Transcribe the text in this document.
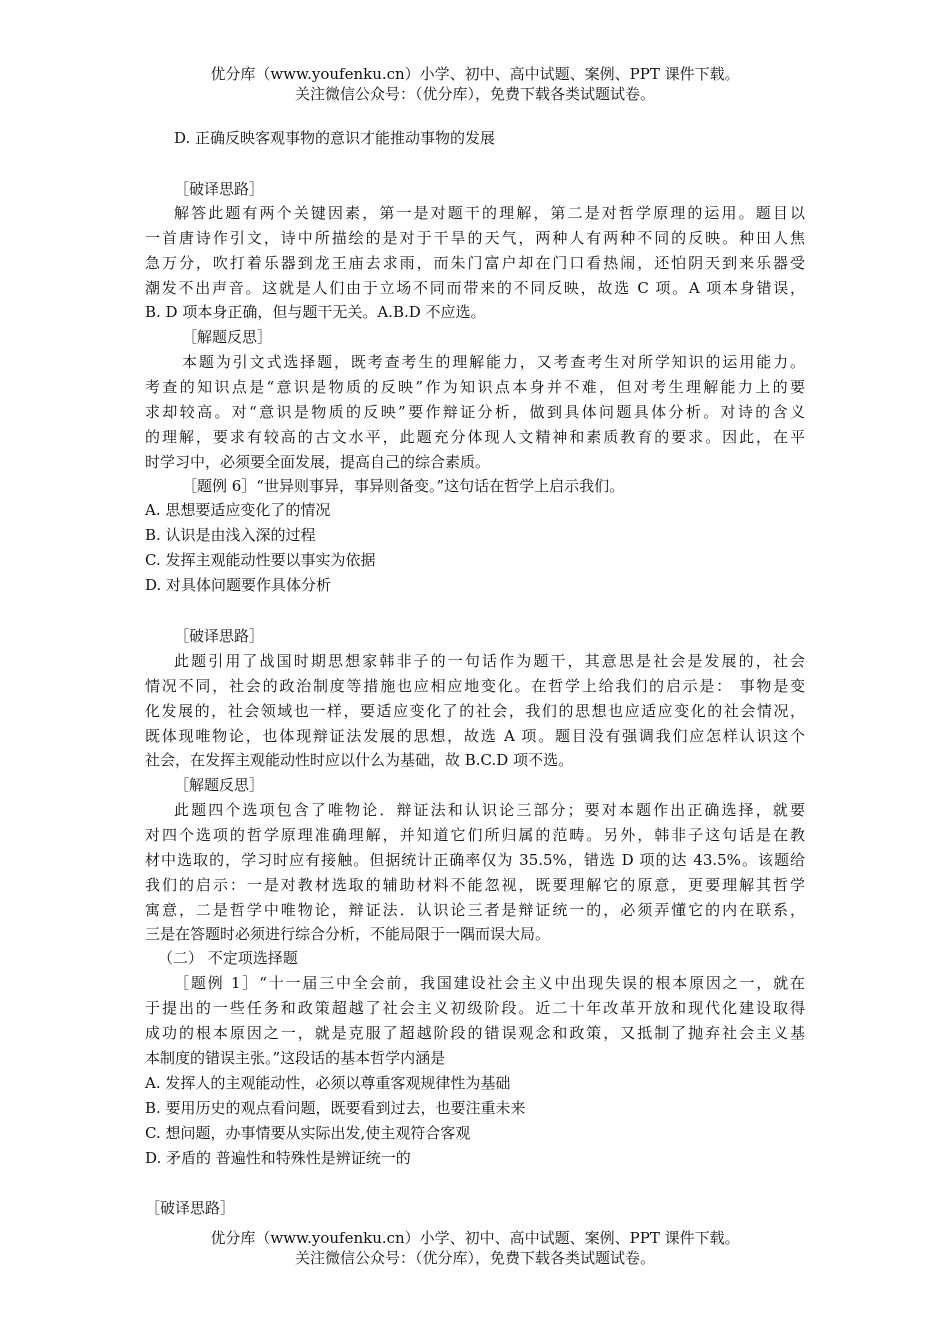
优分库（www.youfenku.cn）小学、初中、高中试题、案例、PPT 课件下载。
关注微信公众号：（优分库），免费下载各类试题试卷。
D. 正确反映客观事物的意识才能推动事物的发展
［破译思路］
解答此题有两个关键因素，第一是对题干的理解，第二是对哲学原理的运用。题目以
一首唐诗作引文，诗中所描绘的是对于干旱的天气，两种人有两种不同的反映。种田人焦
急万分，吹打着乐器到龙王庙去求雨，而朱门富户却在门口看热闹，还怕阴天到来乐器受
潮发不出声音。这就是人们由于立场不同而带来的不同反映，故选 C 项。A 项本身错误，
B. D 项本身正确，但与题干无关。A.B.D 不应选。
［解题反思］
本题为引文式选择题，既考查考生的理解能力，又考查考生对所学知识的运用能力。
考查的知识点是“意识是物质的反映”作为知识点本身并不难，但对考生理解能力上的要
求却较高。对“意识是物质的反映”要作辩证分析，做到具体问题具体分析。对诗的含义
的理解，要求有较高的古文水平，此题充分体现人文精神和素质教育的要求。因此，在平
时学习中，必须要全面发展，提高自己的综合素质。
［题例 6］“世异则事异，事异则备变。”这句话在哲学上启示我们。
A. 思想要适应变化了的情况
B. 认识是由浅入深的过程
C. 发挥主观能动性要以事实为依据
D. 对具体问题要作具体分析
［破译思路］
此题引用了战国时期思想家韩非子的一句话作为题干，其意思是社会是发展的，社会
情况不同，社会的政治制度等措施也应相应地变化。在哲学上给我们的启示是： 事物是变
化发展的，社会领域也一样，要适应变化了的社会，我们的思想也应适应变化的社会情况，
既体现唯物论，也体现辩证法发展的思想，故选 A 项。题目没有强调我们应怎样认识这个
社会，在发挥主观能动性时应以什么为基础，故 B.C.D 项不选。
［解题反思］
此题四个选项包含了唯物论．辩证法和认识论三部分；要对本题作出正确选择，就要
对四个选项的哲学原理准确理解，并知道它们所归属的范畴。另外，韩非子这句话是在教
材中选取的，学习时应有接触。但据统计正确率仅为 35.5%，错选 D 项的达 43.5%。该题给
我们的启示：一是对教材选取的辅助材料不能忽视，既要理解它的原意，更要理解其哲学
寓意，二是哲学中唯物论，辩证法．认识论三者是辩证统一的，必须弄懂它的内在联系，
三是在答题时必须进行综合分析，不能局限于一隅而误大局。
（二） 不定项选择题
［题例 1］“十一届三中全会前，我国建设社会主义中出现失误的根本原因之一，就在
于提出的一些任务和政策超越了社会主义初级阶段。近二十年改革开放和现代化建设取得
成功的根本原因之一，就是克服了超越阶段的错误观念和政策，又抵制了抛弃社会主义基
本制度的错误主张。”这段话的基本哲学内涵是
A. 发挥人的主观能动性，必须以尊重客观规律性为基础
B. 要用历史的观点看问题，既要看到过去，也要注重未来
C. 想问题，办事情要从实际出发,使主观符合客观
D. 矛盾的 普遍性和特殊性是辨证统一的
［破译思路］
优分库（www.youfenku.cn）小学、初中、高中试题、案例、PPT 课件下载。
关注微信公众号：（优分库），免费下载各类试题试卷。
